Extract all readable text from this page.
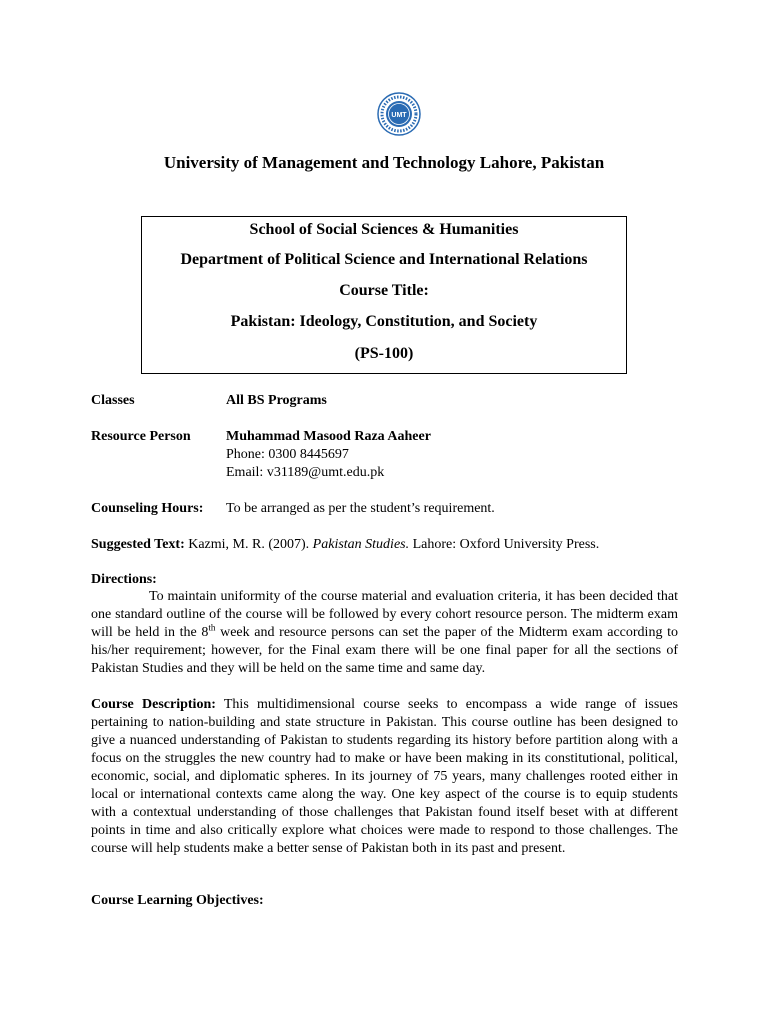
UMT
University of Management and Technology Lahore, Pakistan
School of Social Sciences & Humanities
Department of Political Science and International Relations
Course Title:
Pakistan: Ideology, Constitution, and Society
(PS-100)
Classes	All BS Programs
Resource Person	Muhammad Masood Raza Aaheer
Phone: 0300 8445697
Email: v31189@umt.edu.pk
Counseling Hours: To be arranged as per the student’s requirement.
Suggested Text: Kazmi, M. R. (2007). Pakistan Studies. Lahore: Oxford University Press.
Directions:
To maintain uniformity of the course material and evaluation criteria, it has been decided that one standard outline of the course will be followed by every cohort resource person. The midterm exam will be held in the 8th week and resource persons can set the paper of the Midterm exam according to his/her requirement; however, for the Final exam there will be one final paper for all the sections of Pakistan Studies and they will be held on the same time and same day.
Course Description: This multidimensional course seeks to encompass a wide range of issues pertaining to nation-building and state structure in Pakistan. This course outline has been designed to give a nuanced understanding of Pakistan to students regarding its history before partition along with a focus on the struggles the new country had to make or have been making in its constitutional, political, economic, social, and diplomatic spheres. In its journey of 75 years, many challenges rooted either in local or international contexts came along the way. One key aspect of the course is to equip students with a contextual understanding of those challenges that Pakistan found itself beset with at different points in time and also critically explore what choices were made to respond to those challenges. The course will help students make a better sense of Pakistan both in its past and present.
Course Learning Objectives:
